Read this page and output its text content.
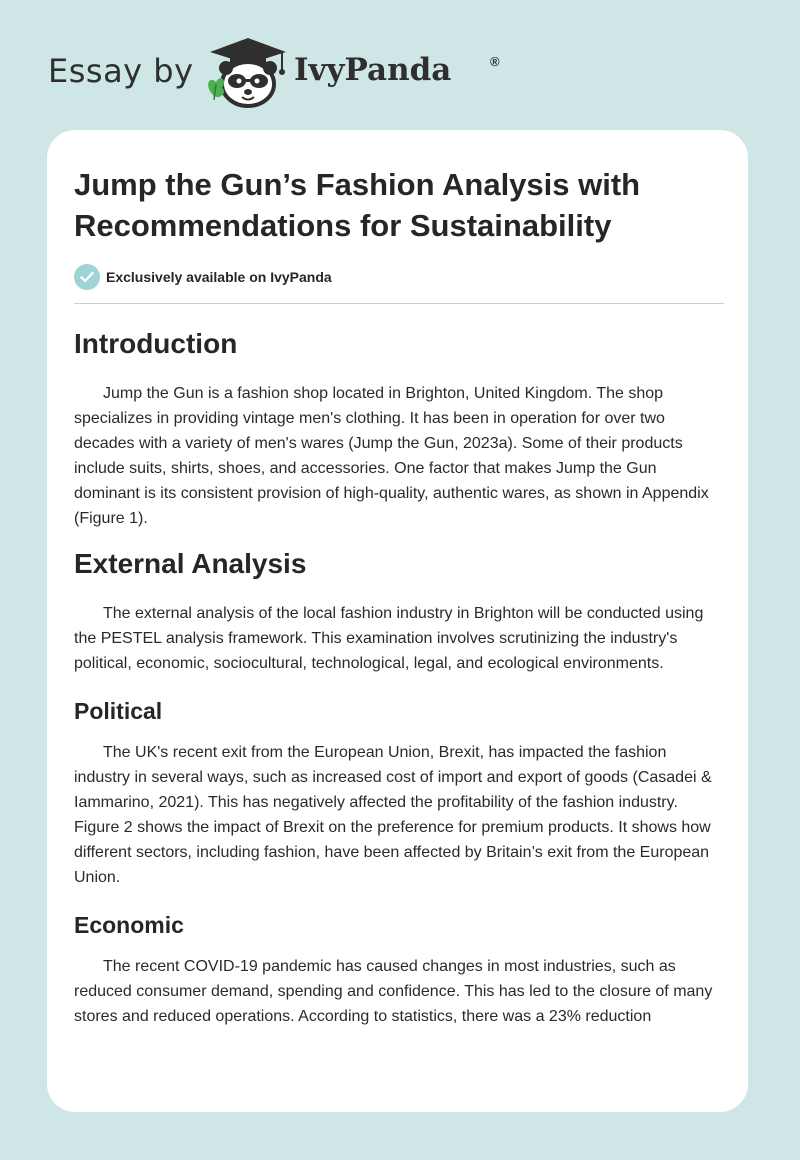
Essay by	IvyPanda	®
Jump the Gun’s Fashion Analysis with Recommendations for Sustainability
Exclusively available on IvyPanda
Introduction

Jump the Gun is a fashion shop located in Brighton, United Kingdom. The shop specializes in providing vintage men's clothing. It has been in operation for over two decades with a variety of men's wares (Jump the Gun, 2023a). Some of their products include suits, shirts, shoes, and accessories. One factor that makes Jump the Gun dominant is its consistent provision of high-quality, authentic wares, as shown in Appendix (Figure 1).

External Analysis

The external analysis of the local fashion industry in Brighton will be conducted using the PESTEL analysis framework. This examination involves scrutinizing the industry's political, economic, sociocultural, technological, legal, and ecological environments.

Political

The UK's recent exit from the European Union, Brexit, has impacted the fashion industry in several ways, such as increased cost of import and export of goods (Casadei & Iammarino, 2021). This has negatively affected the profitability of the fashion industry. Figure 2 shows the impact of Brexit on the preference for premium products. It shows how different sectors, including fashion, have been affected by Britain’s exit from the European Union.

Economic

The recent COVID-19 pandemic has caused changes in most industries, such as reduced consumer demand, spending and confidence. This has led to the closure of many stores and reduced operations. According to statistics, there was a 23% reduction
